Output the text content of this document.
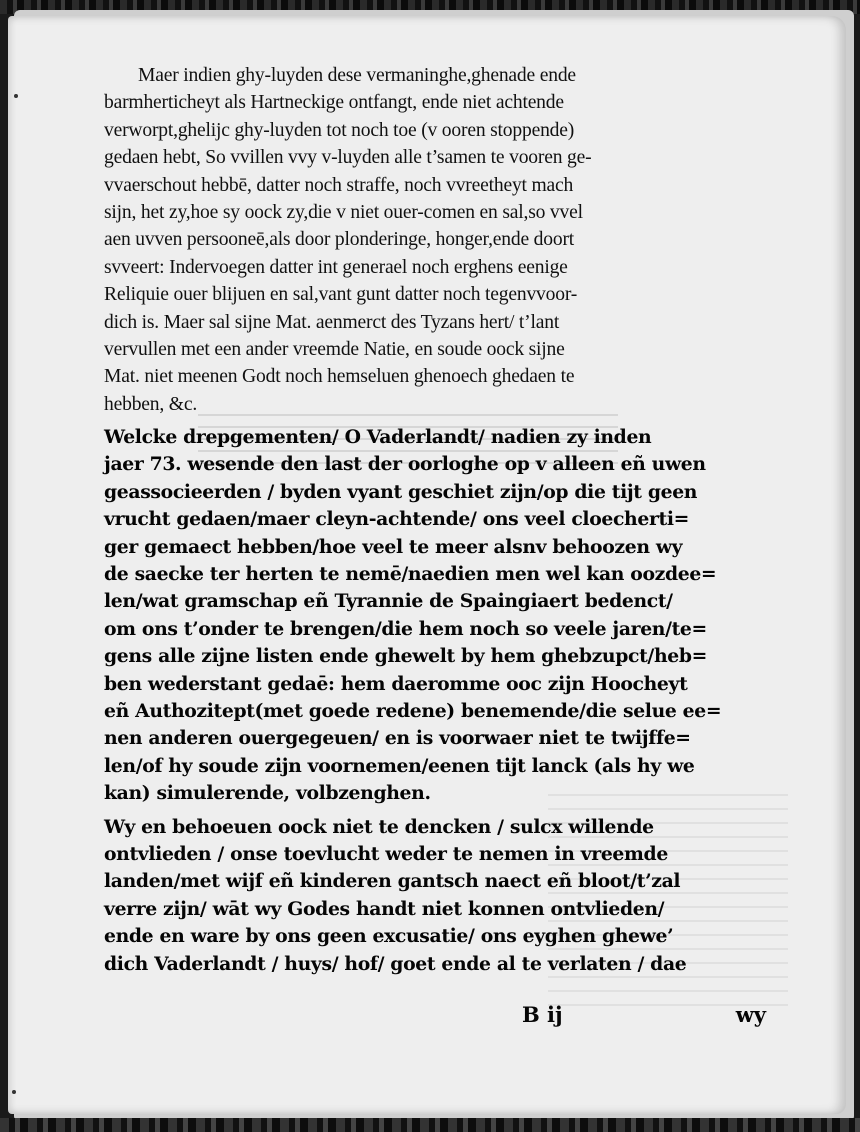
Maer indien ghy-luyden dese vermaninghe,ghenade ende
barmherticheyt als Hartneckige ontfangt, ende niet achtende
verworpt,ghelijc ghy-luyden tot noch toe (v ooren stoppende)
gedaen hebt, So vvillen vvy v-luyden alle t’samen te vooren ge-
vvaerschout hebbē, datter noch straffe, noch vvreetheyt mach
sijn, het zy,hoe sy oock zy,die v niet ouer-comen en sal,so vvel
aen uvven persooneē,als door plonderinge, honger,ende doort
svveert: Indervoegen datter int generael noch erghens eenige
Reliquie ouer blijuen en sal,vant gunt datter noch tegenvvoor-
dich is. Maer sal sijne Mat. aenmerct des Tyzans hert/ t’lant
vervullen met een ander vreemde Natie, en soude oock sijne
Mat. niet meenen Godt noch hemseluen ghenoech ghedaen te
hebben, &c.
Welcke drepgementen/ O Vaderlandt/ nadien zy inden
jaer 73. wesende den last der oorloghe op v alleen eñ uwen
geassocieerden / byden vyant geschiet zijn/op die tijt geen
vrucht gedaen/maer cleyn-achtende/ ons veel cloecherti=
ger gemaect hebben/hoe veel te meer alsnv behoozen wy
de saecke ter herten te nemē/naedien men wel kan oozdee=
len/wat gramschap eñ Tyrannie de Spaingiaert bedenct/
om ons t’onder te brengen/die hem noch so veele jaren/te=
gens alle zijne listen ende ghewelt by hem ghebzupct/heb=
ben wederstant gedaē: hem daeromme ooc zijn Hoocheyt
eñ Authozitept(met goede redene) benemende/die selue ee=
nen anderen ouergegeuen/ en is voorwaer niet te twijffe=
len/of hy soude zijn voornemen/eenen tijt lanck (als hy we
kan) simulerende, volbzenghen.
Wy en behoeuen oock niet te dencken / sulcx willende
ontvlieden / onse toevlucht weder te nemen in vreemde
landen/met wijf eñ kinderen gantsch naect eñ bloot/t’zal
verre zijn/ wāt wy Godes handt niet konnen ontvlieden/
ende en ware by ons geen excusatie/ ons eyghen ghewe’
dich Vaderlandt / huys/ hof/ goet ende al te verlaten / dae
B ij	wy
